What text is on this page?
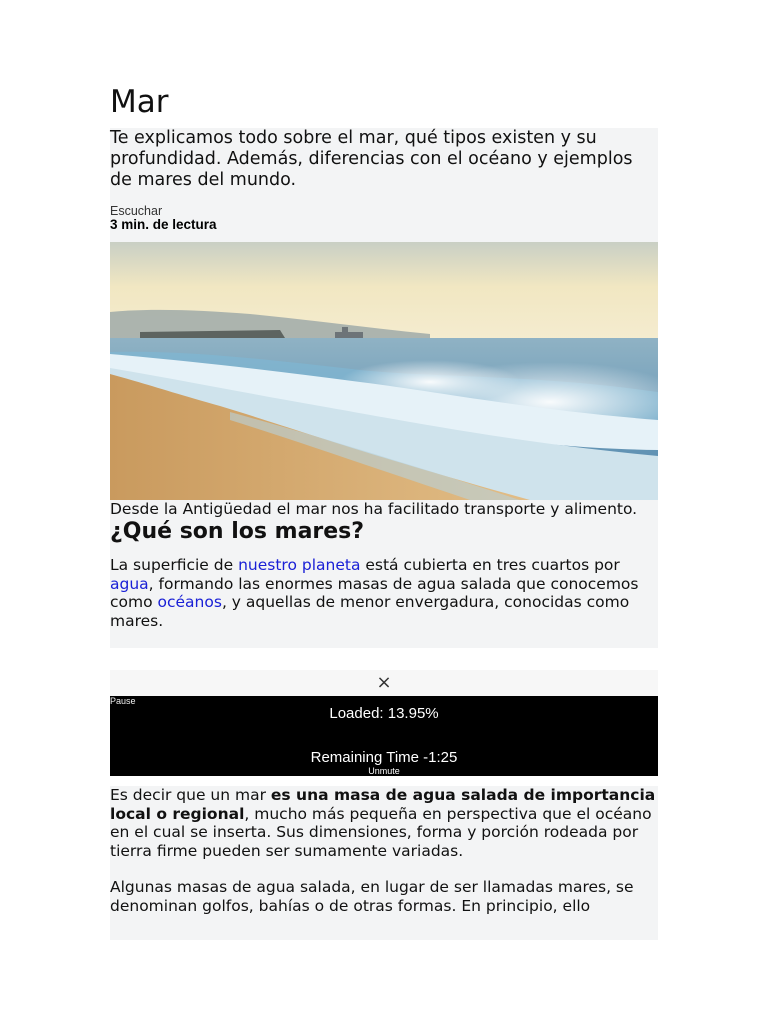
Mar

Te explicamos todo sobre el mar, qué tipos existen y su profundidad. Además, diferencias con el océano y ejemplos de mares del mundo.

Escuchar
3 min. de lectura

Desde la Antigüedad el mar nos ha facilitado transporte y alimento.

¿Qué son los mares?

La superficie de nuestro planeta está cubierta en tres cuartos por agua, formando las enormes masas de agua salada que conocemos como océanos, y aquellas de menor envergadura, conocidas como mares.

×
Pause
Loaded: 13.95%
Remaining Time -1:25
Unmute

Es decir que un mar es una masa de agua salada de importancia local o regional, mucho más pequeña en perspectiva que el océano en el cual se inserta. Sus dimensiones, forma y porción rodeada por tierra firme pueden ser sumamente variadas.

Algunas masas de agua salada, en lugar de ser llamadas mares, se denominan golfos, bahías o de otras formas. En principio, ello
